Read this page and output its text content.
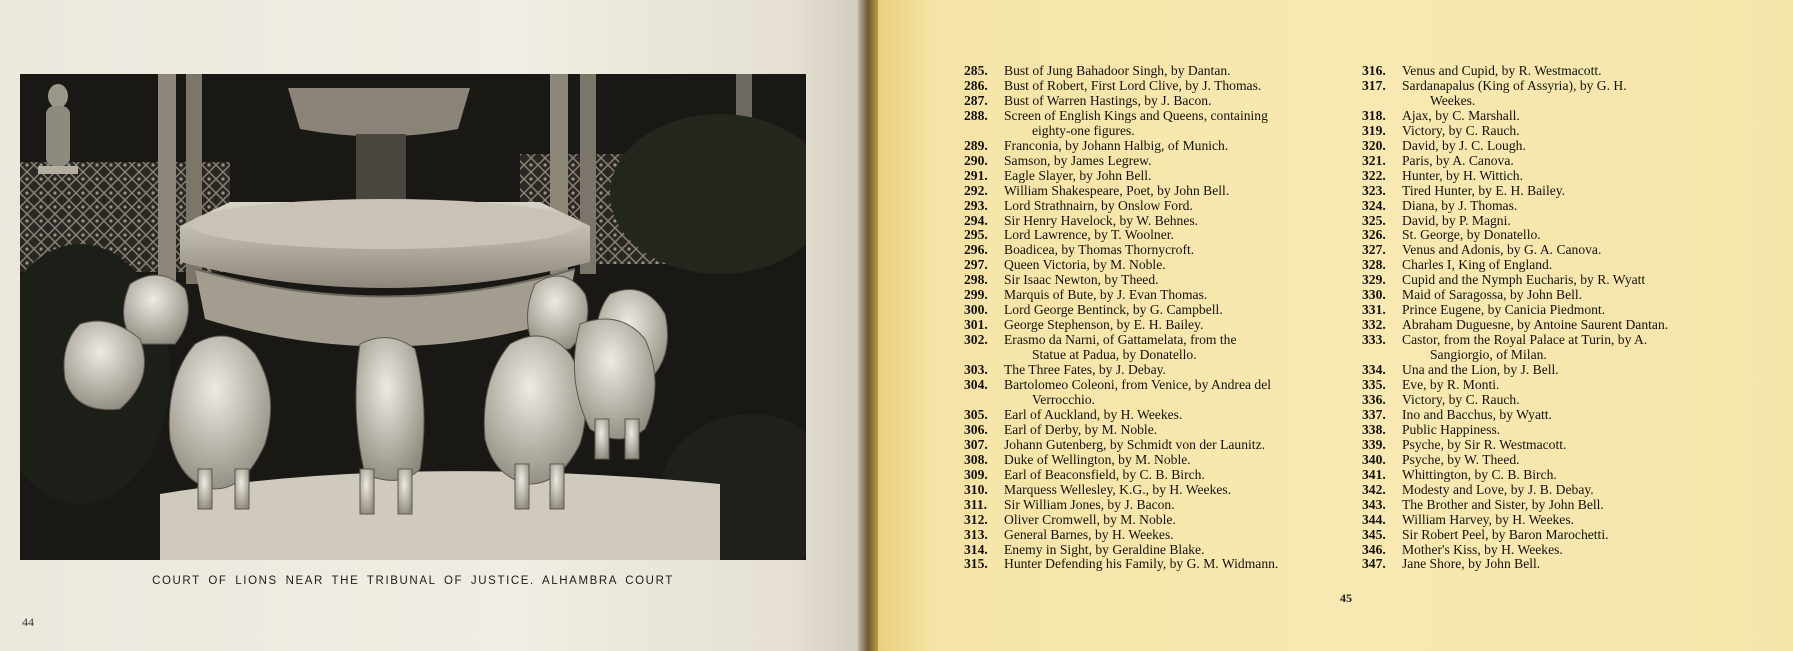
COURT OF LIONS NEAR THE TRIBUNAL OF JUSTICE. ALHAMBRA COURT
44
285.	Bust of Jung Bahadoor Singh, by Dantan.
286.	Bust of Robert, First Lord Clive, by J. Thomas.
287.	Bust of Warren Hastings, by J. Bacon.
288.	Screen of English Kings and Queens, containing
eighty-one figures.
289.	Franconia, by Johann Halbig, of Munich.
290.	Samson, by James Legrew.
291.	Eagle Slayer, by John Bell.
292.	William Shakespeare, Poet, by John Bell.
293.	Lord Strathnairn, by Onslow Ford.
294.	Sir Henry Havelock, by W. Behnes.
295.	Lord Lawrence, by T. Woolner.
296.	Boadicea, by Thomas Thornycroft.
297.	Queen Victoria, by M. Noble.
298.	Sir Isaac Newton, by Theed.
299.	Marquis of Bute, by J. Evan Thomas.
300.	Lord George Bentinck, by G. Campbell.
301.	George Stephenson, by E. H. Bailey.
302.	Erasmo da Narni, of Gattamelata, from the
Statue at Padua, by Donatello.
303.	The Three Fates, by J. Debay.
304.	Bartolomeo Coleoni, from Venice, by Andrea del
Verrocchio.
305.	Earl of Auckland, by H. Weekes.
306.	Earl of Derby, by M. Noble.
307.	Johann Gutenberg, by Schmidt von der Launitz.
308.	Duke of Wellington, by M. Noble.
309.	Earl of Beaconsfield, by C. B. Birch.
310.	Marquess Wellesley, K.G., by H. Weekes.
311.	Sir William Jones, by J. Bacon.
312.	Oliver Cromwell, by M. Noble.
313.	General Barnes, by H. Weekes.
314.	Enemy in Sight, by Geraldine Blake.
315.	Hunter Defending his Family, by G. M. Widmann.
316.	Venus and Cupid, by R. Westmacott.
317.	Sardanapalus (King of Assyria), by G. H.
Weekes.
318.	Ajax, by C. Marshall.
319.	Victory, by C. Rauch.
320.	David, by J. C. Lough.
321.	Paris, by A. Canova.
322.	Hunter, by H. Wittich.
323.	Tired Hunter, by E. H. Bailey.
324.	Diana, by J. Thomas.
325.	David, by P. Magni.
326.	St. George, by Donatello.
327.	Venus and Adonis, by G. A. Canova.
328.	Charles I, King of England.
329.	Cupid and the Nymph Eucharis, by R. Wyatt
330.	Maid of Saragossa, by John Bell.
331.	Prince Eugene, by Canicia Piedmont.
332.	Abraham Duguesne, by Antoine Saurent Dantan.
333.	Castor, from the Royal Palace at Turin, by A.
Sangiorgio, of Milan.
334.	Una and the Lion, by J. Bell.
335.	Eve, by R. Monti.
336.	Victory, by C. Rauch.
337.	Ino and Bacchus, by Wyatt.
338.	Public Happiness.
339.	Psyche, by Sir R. Westmacott.
340.	Psyche, by W. Theed.
341.	Whittington, by C. B. Birch.
342.	Modesty and Love, by J. B. Debay.
343.	The Brother and Sister, by John Bell.
344.	William Harvey, by H. Weekes.
345.	Sir Robert Peel, by Baron Marochetti.
346.	Mother's Kiss, by H. Weekes.
347.	Jane Shore, by John Bell.
45
